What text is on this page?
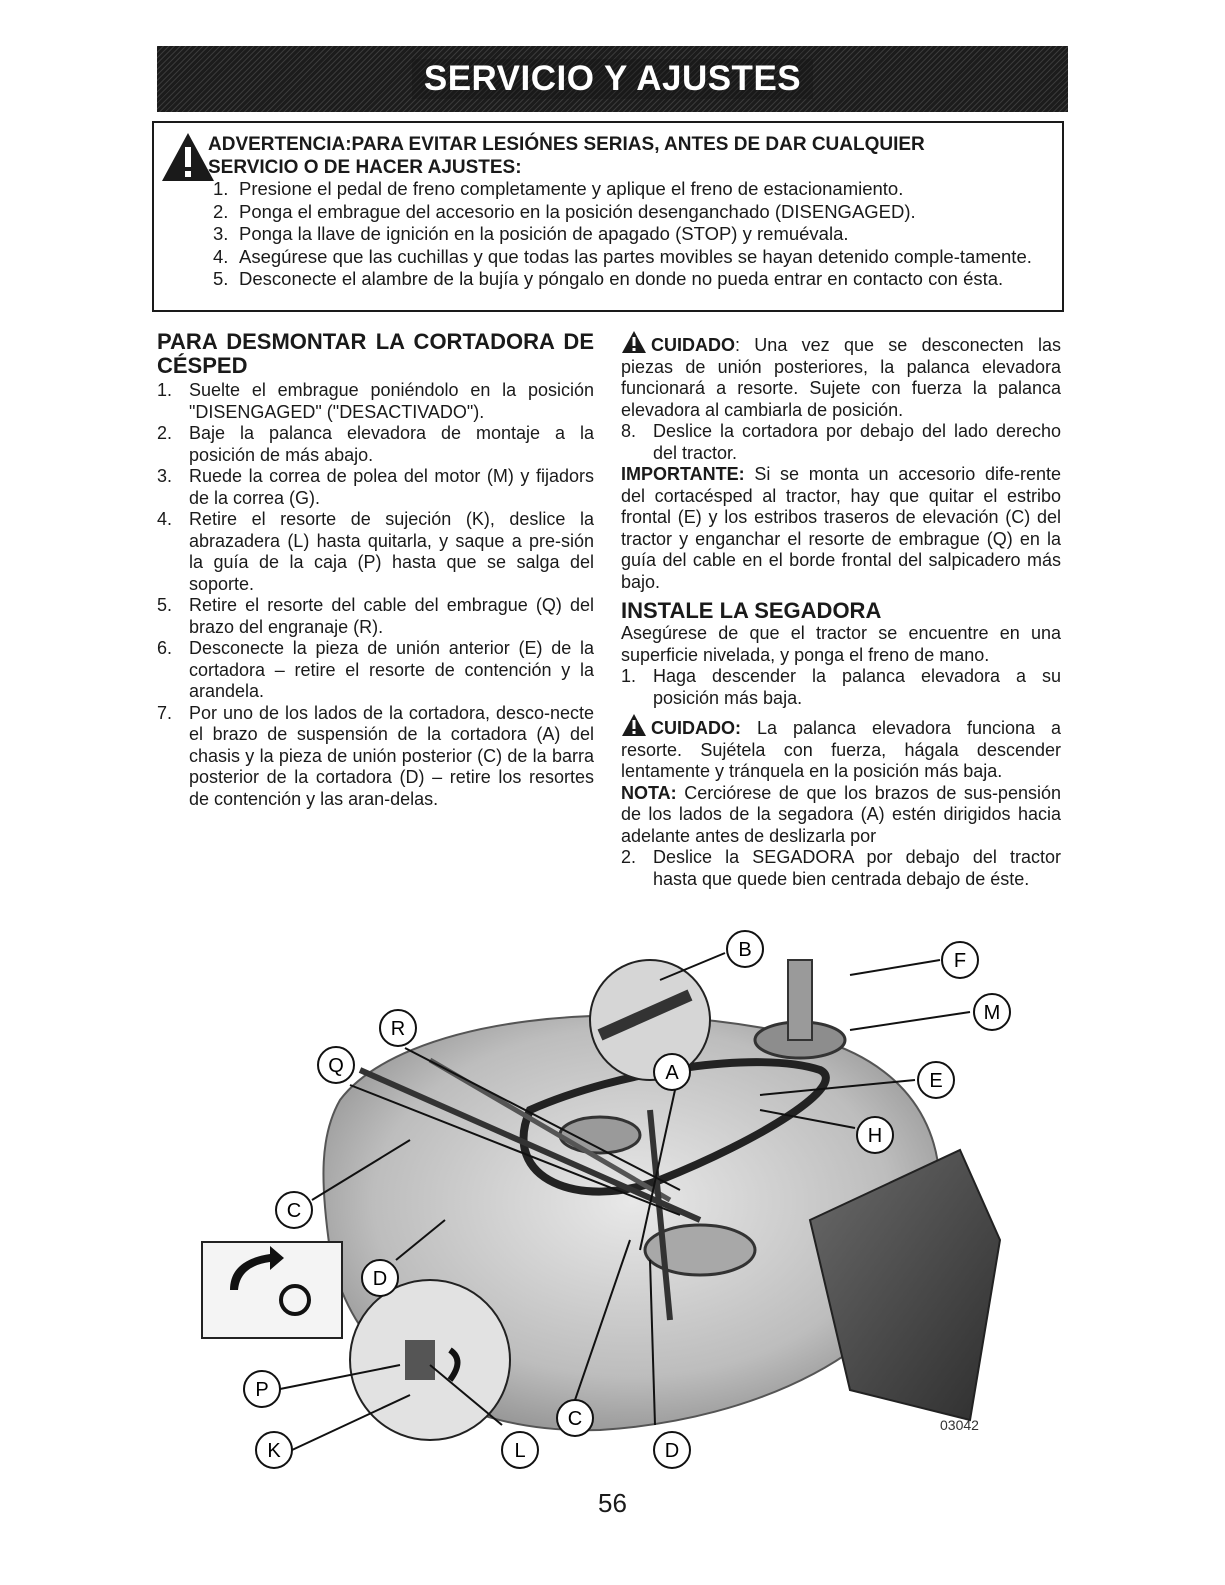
SERVICIO Y AJUSTES
ADVERTENCIA:PARA EVITAR LESIÓNES SERIAS, ANTES DE DAR CUALQUIER
SERVICIO O DE HACER AJUSTES:
1. Presione el pedal de freno completamente y aplique el freno de estacionamiento.
2. Ponga el embrague del accesorio en la posición desenganchado (DISENGAGED).
3. Ponga la llave de ignición en la posición de apagado (STOP) y remuévala.
4. Asegúrese que las cuchillas y que todas las partes movibles se hayan detenido comple-tamente.
5. Desconecte el alambre de la bujía y póngalo en donde no pueda entrar en contacto con ésta.
PARA DESMONTAR LA CORTADORA DE CÉSPED
1. Suelte el embrague poniéndolo en la posición "DISENGAGED" ("DESACTIVADO").
2. Baje la palanca elevadora de montaje a la posición de más abajo.
3. Ruede la correa de polea del motor (M) y fijadors de la correa (G).
4. Retire el resorte de sujeción (K), deslice la abrazadera (L) hasta quitarla, y saque a pre-sión la guía de la caja (P) hasta que se salga del soporte.
5. Retire el resorte del cable del embrague (Q) del brazo del engranaje (R).
6. Desconecte la pieza de unión anterior (E) de la cortadora – retire el resorte de contención y la arandela.
7. Por uno de los lados de la cortadora, desco-necte el brazo de suspensión de la cortadora (A) del chasis y la pieza de unión posterior (C) de la barra posterior de la cortadora (D) – retire los resortes de contención y las aran-delas.

CUIDADO: Una vez que se desconecten las piezas de unión posteriores, la palanca elevadora funcionará a resorte. Sujete con fuerza la palanca elevadora al cambiarla de posición.

8. Deslice la cortadora por debajo del lado derecho del tractor.

IMPORTANTE: Si se monta un accesorio dife-rente del cortacésped al tractor, hay que quitar el estribo frontal (E) y los estribos traseros de elevación (C) del tractor y enganchar el resorte de embrague (Q) en la guía del cable en el borde frontal del salpicadero más bajo.

INSTALE LA SEGADORA

Asegúrese de que el tractor se encuentre en una superficie nivelada, y ponga el freno de mano.

1. Haga descender la palanca elevadora a su posición más baja.

CUIDADO: La palanca elevadora funciona a resorte. Sujétela con fuerza, hágala descender lentamente y tránquela en la posición más baja.

NOTA: Cerciórese de que los brazos de sus-pensión de los lados de la segadora (A) estén dirigidos hacia adelante antes de deslizarla por

2. Deslice la SEGADORA por debajo del tractor hasta que quede bien centrada debajo de éste.
B	F
M
R
Q	A	E
H
C
D
P
K	L
C
D
03042
56
